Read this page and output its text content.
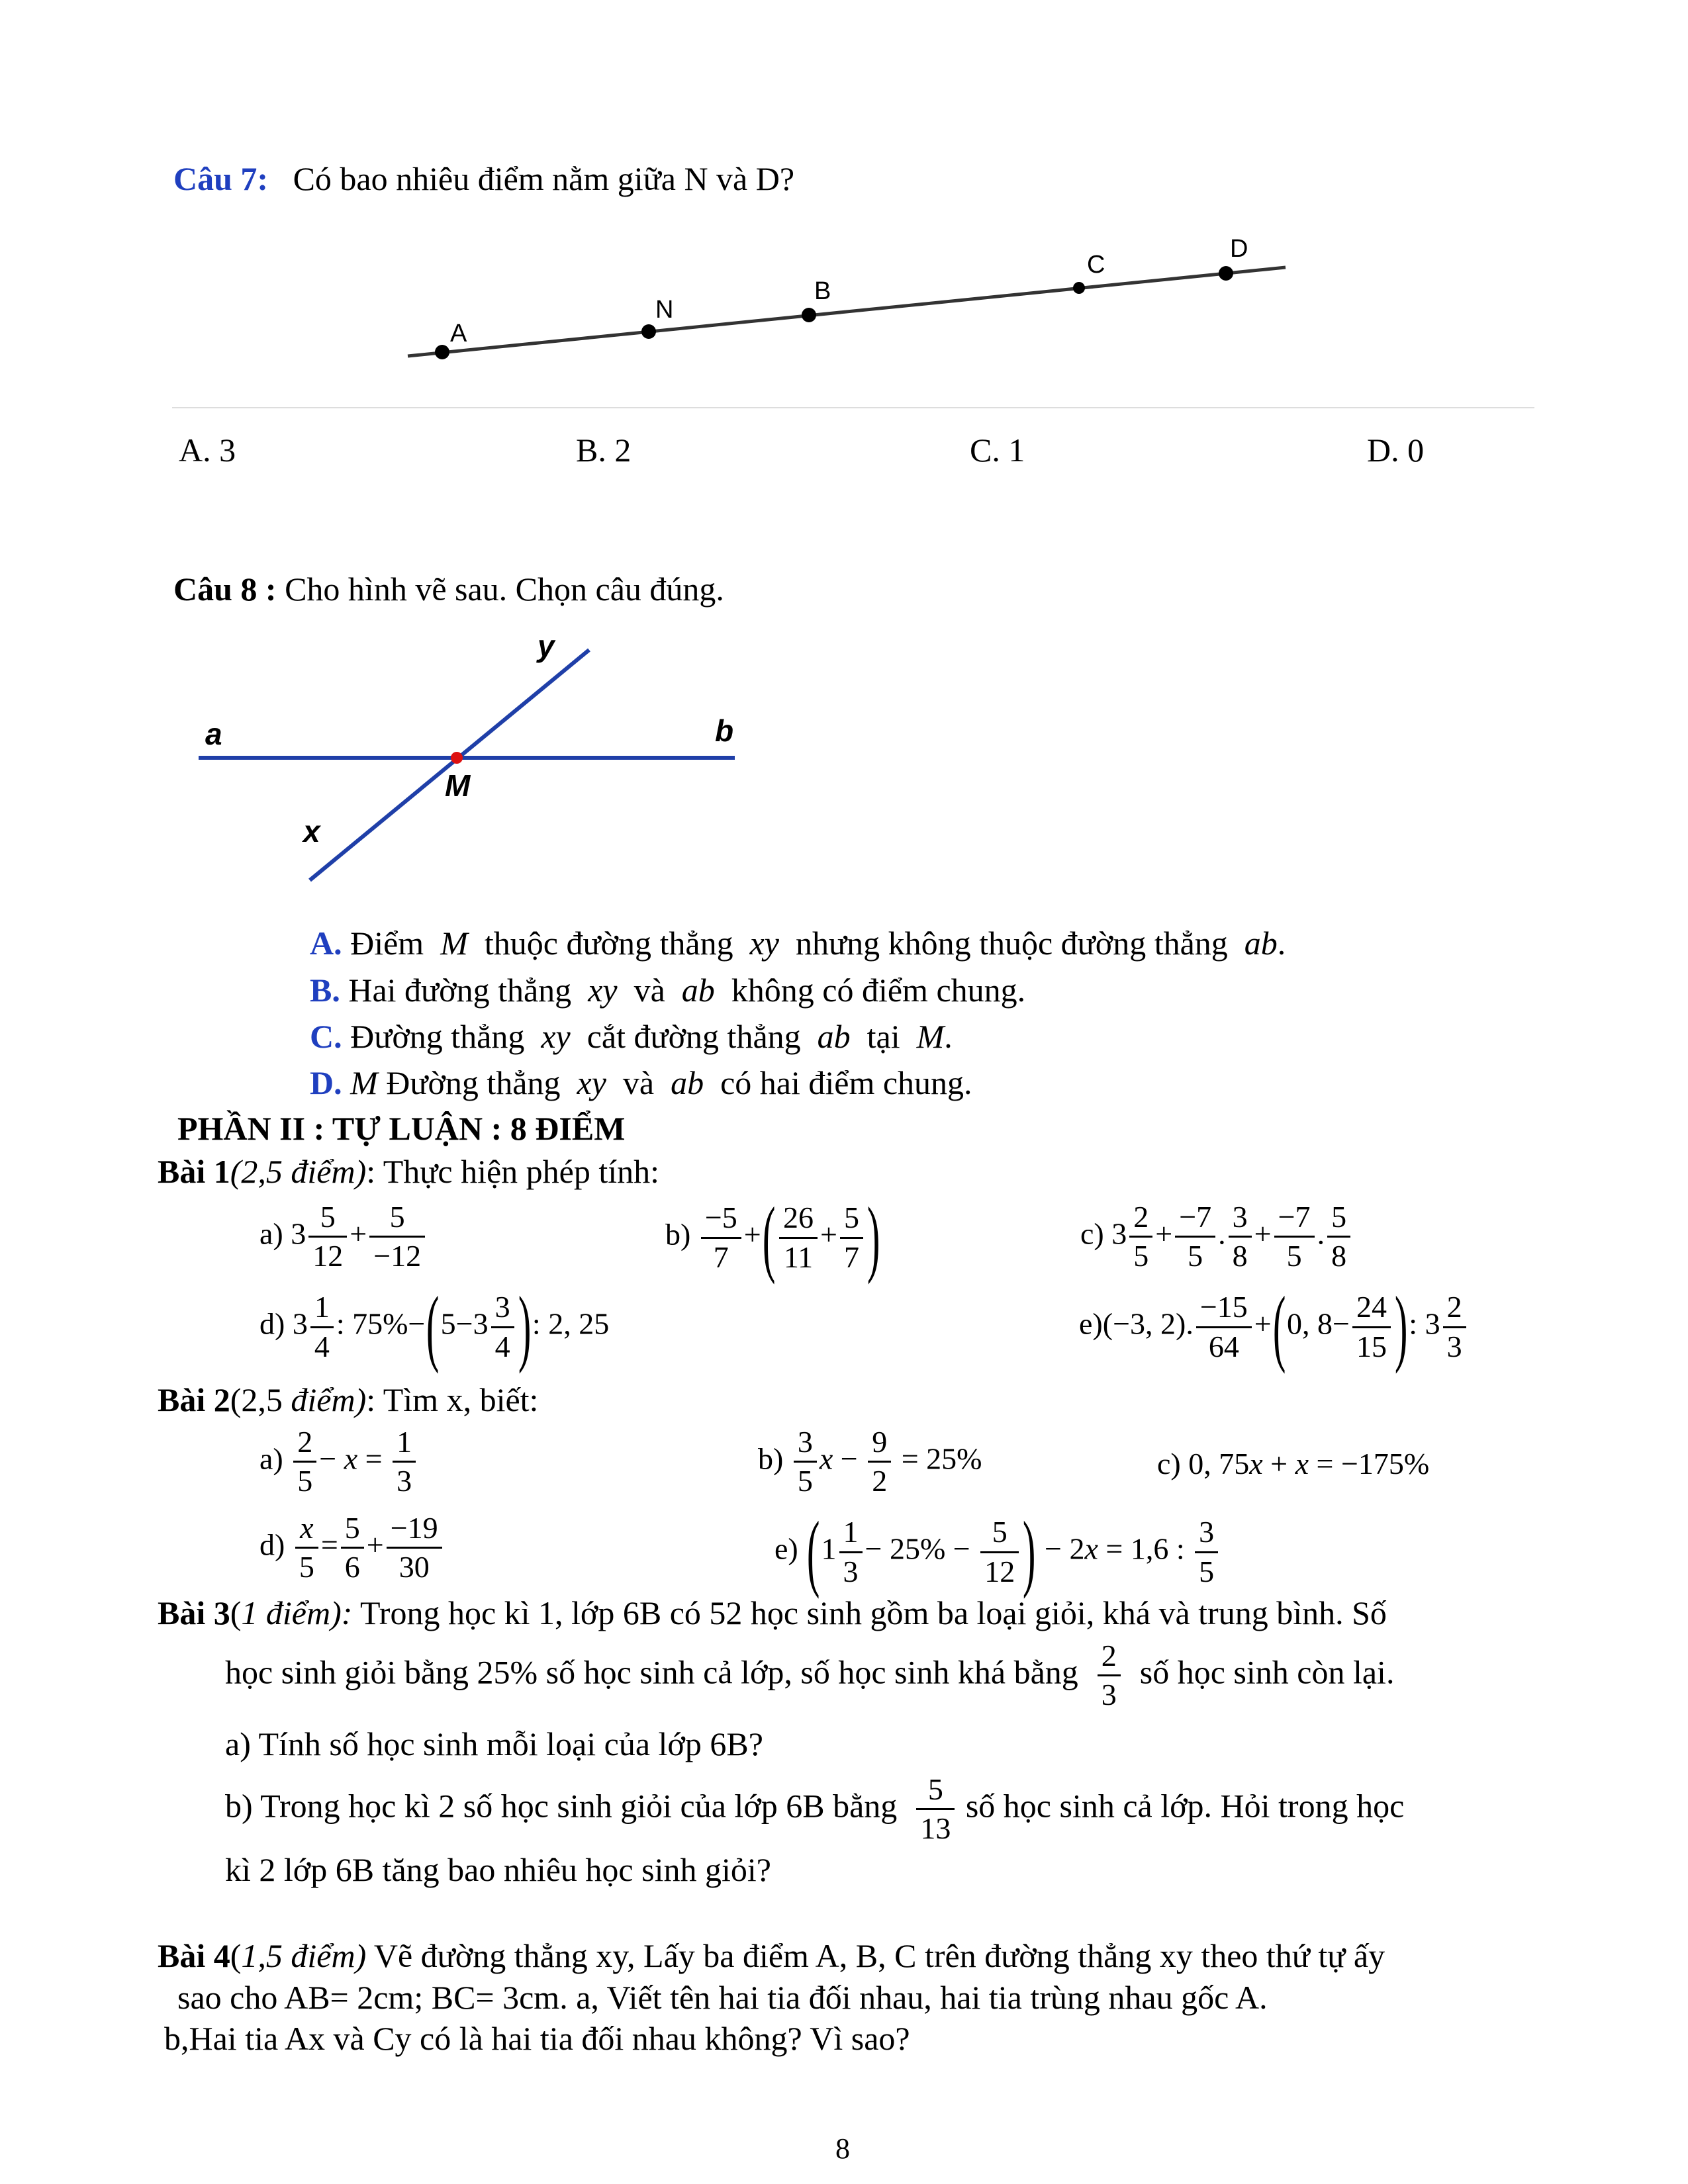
Câu 7: Có bao nhiêu điểm nằm giữa N và D?
A
N
B
C
D
A. 3	B. 2	C. 1	D. 0
Câu 8 : Cho hình vẽ sau. Chọn câu đúng.
a	b
y
x
M
A. Điểm M thuộc đường thẳng xy nhưng không thuộc đường thẳng ab.
B. Hai đường thẳng xy và ab không có điểm chung.
C. Đường thẳng xy cắt đường thẳng ab tại M.
D. M Đường thẳng xy và ab có hai điểm chung.
PHẦN II : TỰ LUẬN : 8 ĐIỂM
Bài 1(2,5 điểm): Thực hiện phép tính:
a) $3 \frac{5}{12} + \frac{5}{-12}$	$b) \frac{-5}{7}$ +( $\frac{26}{11} + \frac{5}{7}$ )	c) $3 \frac{2}{5} + \frac{-7}{5}$ . $\frac{3}{8} + \frac{-7}{5}$ . $\frac{5}{8}$
d) $3 \frac{1}{4}$ : $75\%-(5-3 \frac{3}{4}$ ): 2, 25	e)(−3, 2). $\frac{-15}{64} +(0$, $8- \frac{24}{15}$ ): $3 \frac{2}{3}$
Bài 2(2,5 điểm): Tìm x, biết:
$a) \frac{2}{5} - x = \frac{1}{3}$	$b) \frac{3}{5}$ $x - \frac{9}{2} = 25\%$	c) 0, 75x + x = −175%
$d) \frac{x}{5} = \frac{5}{6} + \frac{-19}{30}$	e) ($1 \frac{1}{3} - 25\% - \frac{5}{12}$ ) − 2x = 1,6 : $\frac{3}{5}$
Bài 3(1 điểm): Trong học kì 1, lớp 6B có 52 học sinh gồm ba loại giỏi, khá và trung bình. Số
học sinh giỏi bằng 25% số học sinh cả lớp, số học sinh khá bằng $\frac{2}{3}$ số học sinh còn lại.
a) Tính số học sinh mỗi loại của lớp 6B?
b) Trong học kì 2 số học sinh giỏi của lớp 6B bằng $\frac{5}{13}$ số học sinh cả lớp. Hỏi trong học
kì 2 lớp 6B tăng bao nhiêu học sinh giỏi?
Bài 4(1,5 điểm) Vẽ đường thẳng xy, Lấy ba điểm A, B, C trên đường thẳng xy theo thứ tự ấy
sao cho AB= 2cm; BC= 3cm. a, Viết tên hai tia đối nhau, hai tia trùng nhau gốc A.
b,Hai tia Ax và Cy có là hai tia đối nhau không? Vì sao?
8
